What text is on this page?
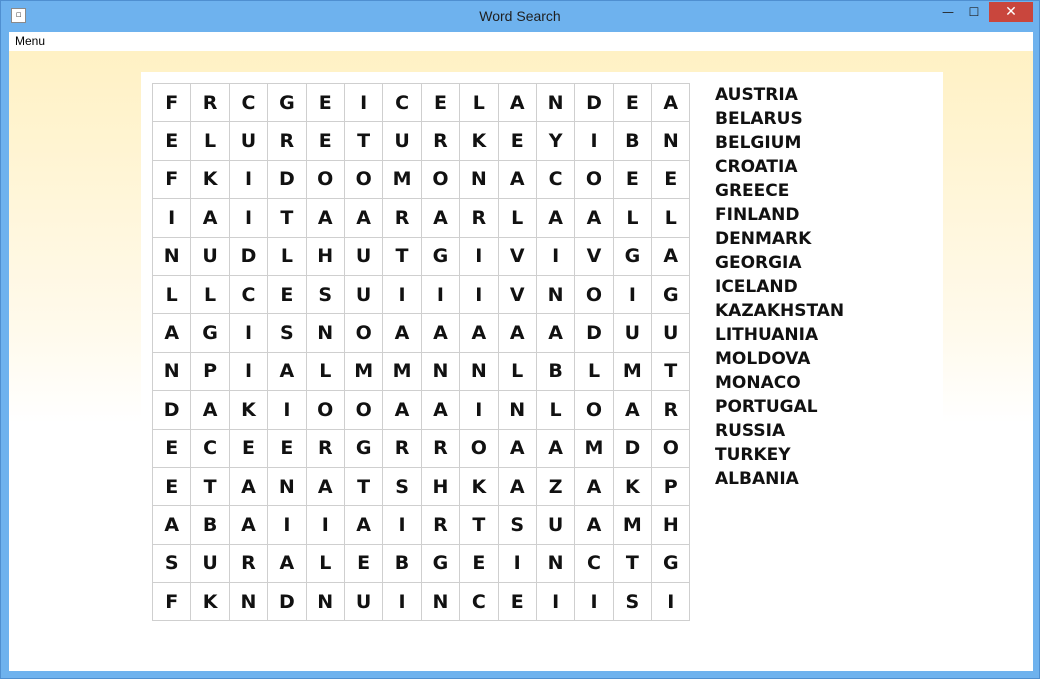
▫	Word Search	—	☐	✕
Menu
F	R	C	G	E	I	C	E	L	A	N	D	E	A
E	L	U	R	E	T	U	R	K	E	Y	I	B	N
F	K	I	D	O	O	M	O	N	A	C	O	E	E
I	A	I	T	A	A	R	A	R	L	A	A	L	L
N	U	D	L	H	U	T	G	I	V	I	V	G	A
L	L	C	E	S	U	I	I	I	V	N	O	I	G
A	G	I	S	N	O	A	A	A	A	A	D	U	U
N	P	I	A	L	M	M	N	N	L	B	L	M	T
D	A	K	I	O	O	A	A	I	N	L	O	A	R
E	C	E	E	R	G	R	R	O	A	A	M	D	O
E	T	A	N	A	T	S	H	K	A	Z	A	K	P
A	B	A	I	I	A	I	R	T	S	U	A	M	H
S	U	R	A	L	E	B	G	E	I	N	C	T	G
F	K	N	D	N	U	I	N	C	E	I	I	S	I
AUSTRIA
BELARUS
BELGIUM
CROATIA
GREECE
FINLAND
DENMARK
GEORGIA
ICELAND
KAZAKHSTAN
LITHUANIA
MOLDOVA
MONACO
PORTUGAL
RUSSIA
TURKEY
ALBANIA
